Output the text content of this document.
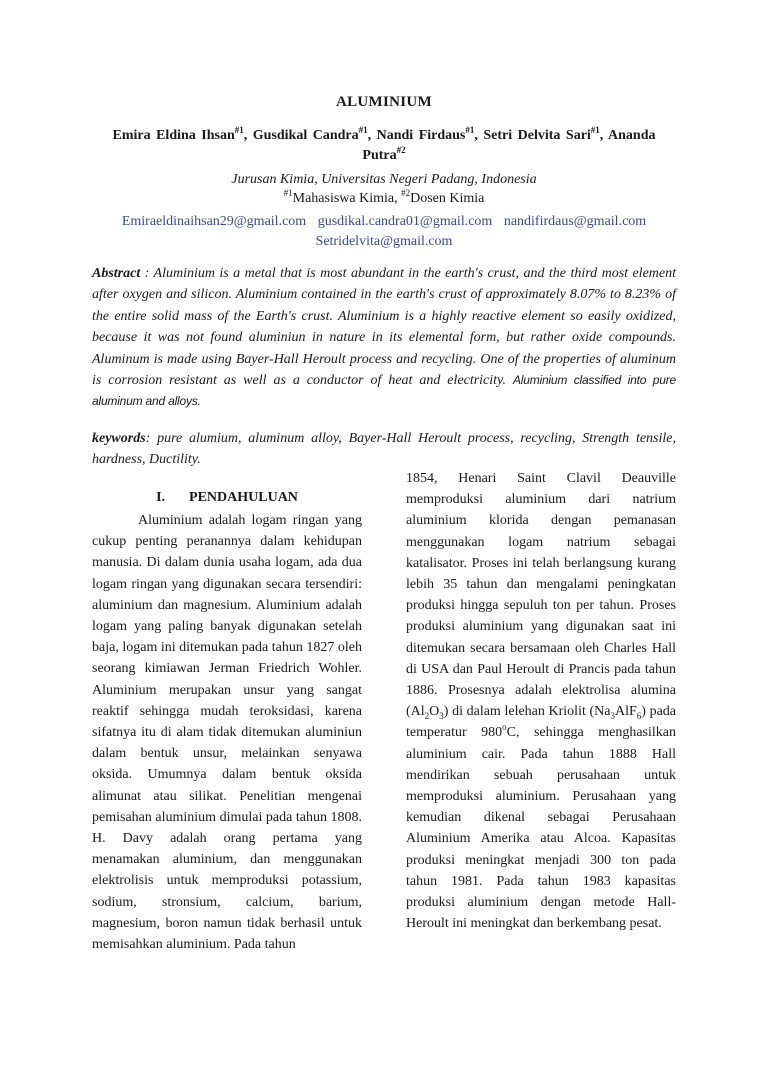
ALUMINIUM
Emira Eldina Ihsan$^{\#1}$, Gusdikal Candra$^{\#1}$, Nandi Firdaus$^{\#1}$, Setri Delvita Sari$^{\#1}$, Ananda Putra$^{\#2}$
Jurusan Kimia, Universitas Negeri Padang, Indonesia
$^{\#1}$Mahasiswa Kimia, $^{\#2}$Dosen Kimia
Emiraeldinaihsan29@gmail.com gusdikal.candra01@gmail.com nandifirdaus@gmail.com
Setridelvita@gmail.com
Abstract : Aluminium is a metal that is most abundant in the earth's crust, and the third most element after oxygen and silicon. Aluminium contained in the earth's crust of approximately 8.07% to 8.23% of the entire solid mass of the Earth's crust. Aluminium is a highly reactive element so easily oxidized, because it was not found aluminiun in nature in its elemental form, but rather oxide compounds. Aluminum is made using Bayer-Hall Heroult process and recycling. One of the properties of aluminum is corrosion resistant as well as a conductor of heat and electricity. Aluminium classified into pure aluminum and alloys.
keywords: pure alumium, aluminum alloy, Bayer-Hall Heroult process, recycling, Strength tensile, hardness, Ductility.
I. PENDAHULUAN

Aluminium adalah logam ringan yang cukup penting peranannya dalam kehidupan manusia. Di dalam dunia usaha logam, ada dua logam ringan yang digunakan secara tersendiri: aluminium dan magnesium. Aluminium adalah logam yang paling banyak digunakan setelah baja, logam ini ditemukan pada tahun 1827 oleh seorang kimiawan Jerman Friedrich Wohler. Aluminium merupakan unsur yang sangat reaktif sehingga mudah teroksidasi, karena sifatnya itu di alam tidak ditemukan aluminiun dalam bentuk unsur, melainkan senyawa oksida. Umumnya dalam bentuk oksida alimunat atau silikat. Penelitian mengenai pemisahan aluminium dimulai pada tahun 1808. H. Davy adalah orang pertama yang menamakan aluminium, dan menggunakan elektrolisis untuk memproduksi potassium, sodium, stronsium, calcium, barium, magnesium, boron namun tidak berhasil untuk memisahkan aluminium. Pada tahun

1854, Henari Saint Clavil Deauville memproduksi aluminium dari natrium aluminium klorida dengan pemanasan menggunakan logam natrium sebagai katalisator. Proses ini telah berlangsung kurang lebih 35 tahun dan mengalami peningkatan produksi hingga sepuluh ton per tahun. Proses produksi aluminium yang digunakan saat ini ditemukan secara bersamaan oleh Charles Hall di USA dan Paul Heroult di Prancis pada tahun 1886. Prosesnya adalah elektrolisa alumina $(Al_2O_3)$ di dalam lelehan Kriolit $(Na_3AlF_6)$ pada temperatur 980$^o$C, sehingga menghasilkan aluminium cair. Pada tahun 1888 Hall mendirikan sebuah perusahaan untuk memproduksi aluminium. Perusahaan yang kemudian dikenal sebagai Perusahaan Aluminium Amerika atau Alcoa. Kapasitas produksi meningkat menjadi 300 ton pada tahun 1981. Pada tahun 1983 kapasitas produksi aluminium dengan metode Hall-Heroult ini meningkat dan berkembang pesat.
